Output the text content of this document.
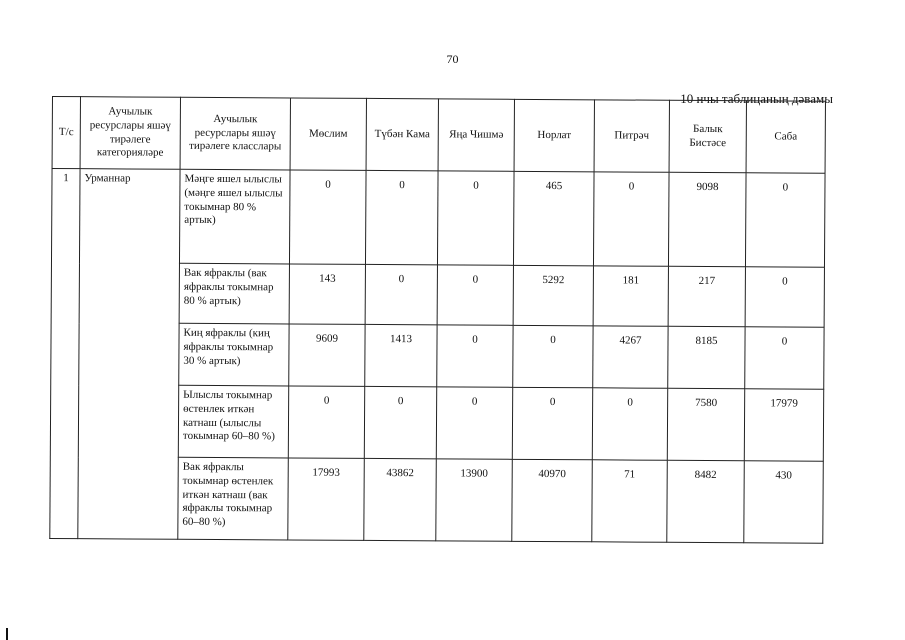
70
10 нчы таблицаның дәвамы
Т/с	Аучылык ресурслары яшәү тирәлеге категорияләре	Аучылык ресурслары яшәү тирәлеге класслары	Мөслим	Түбән Кама	Яңа Чишмә	Норлат	Питрәч	Балык Бистәсе	Саба
1	Урманнар	Мәңге яшел ылыслы (мәңге яшел ылыслы токымнар 80 % артык)	0	0	0	465	0	9098	0
		Вак яфраклы (вак яфраклы токымнар 80 % артык)	143	0	0	5292	181	217	0
		Киң яфраклы (киң яфраклы токымнар 30 % артык)	9609	1413	0	0	4267	8185	0
		Ылыслы токымнар өстенлек иткән катнаш (ылыслы токымнар 60–80 %)	0	0	0	0	0	7580	17979
		Вак яфраклы токымнар өстенлек иткән катнаш (вак яфраклы токымнар 60–80 %)	17993	43862	13900	40970	71	8482	430
